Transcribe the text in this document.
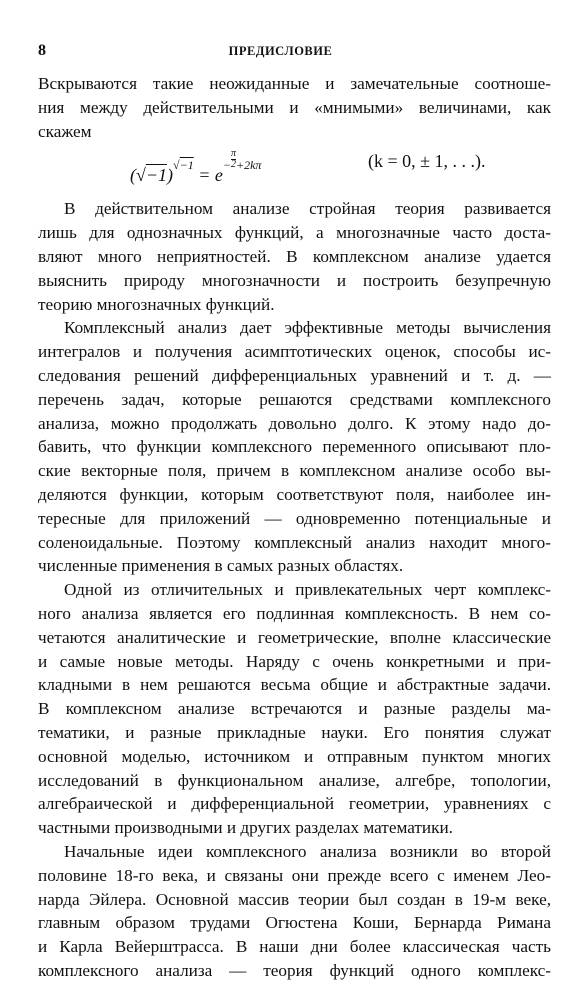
8	ПРЕДИСЛОВИЕ
Вскрываются такие неожиданные и замечательные соотноше-
ния между действительными и «мнимыми» величинами, как
скажем
$(√-1)^{√-1} = e^- \frac{\pi}{2} ^{+2k\pi}$	(k = 0, ± 1, . . .).
В действительном анализе стройная теория развивается
лишь для однозначных функций, а многозначные часто доста-
вляют много неприятностей. В комплексном анализе удается
выяснить природу многозначности и построить безупречную
теорию многозначных функций.
Комплексный анализ дает эффективные методы вычисления
интегралов и получения асимптотических оценок, способы ис-
следования решений дифференциальных уравнений и т. д. —
перечень задач, которые решаются средствами комплексного
анализа, можно продолжать довольно долго. К этому надо до-
бавить, что функции комплексного переменного описывают пло-
ские векторные поля, причем в комплексном анализе особо вы-
деляются функции, которым соответствуют поля, наиболее ин-
тересные для приложений — одновременно потенциальные и
соленоидальные. Поэтому комплексный анализ находит много-
численные применения в самых разных областях.
Одной из отличительных и привлекательных черт комплекс-
ного анализа является его подлинная комплексность. В нем со-
четаются аналитические и геометрические, вполне классические
и самые новые методы. Наряду с очень конкретными и при-
кладными в нем решаются весьма общие и абстрактные задачи.
В комплексном анализе встречаются и разные разделы ма-
тематики, и разные прикладные науки. Его понятия служат
основной моделью, источником и отправным пунктом многих
исследований в функциональном анализе, алгебре, топологии,
алгебраической и дифференциальной геометрии, уравнениях с
частными производными и других разделах математики.
Начальные идеи комплексного анализа возникли во второй
половине 18-го века, и связаны они прежде всего с именем Лео-
нарда Эйлера. Основной массив теории был создан в 19-м веке,
главным образом трудами Огюстена Коши, Бернарда Римана
и Карла Вейерштрасса. В наши дни более классическая часть
комплексного анализа — теория функций одного комплекс-
